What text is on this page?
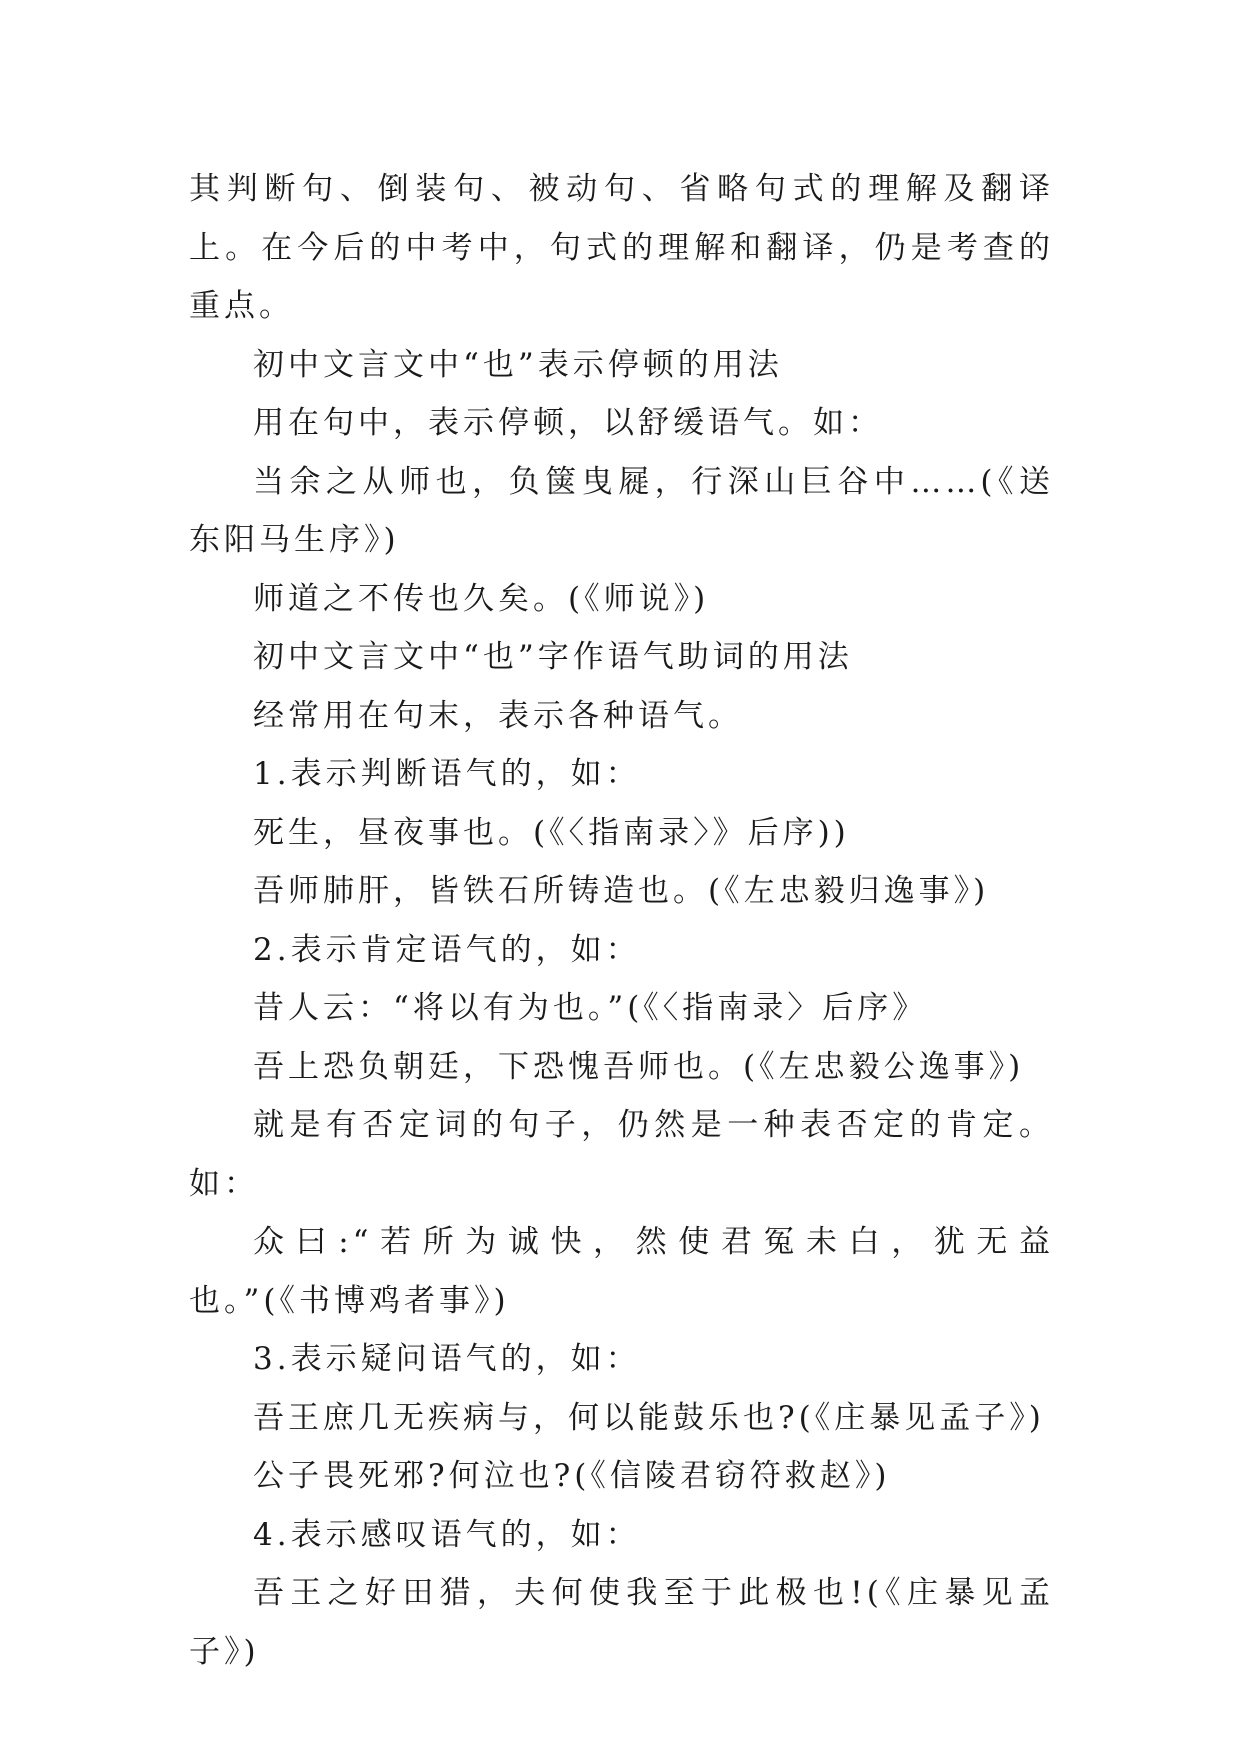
其判断句、倒装句、被动句、省略句式的理解及翻译上。在今后的中考中，句式的理解和翻译，仍是考查的重点。

初中文言文中“也”表示停顿的用法

用在句中，表示停顿，以舒缓语气。如：

当余之从师也，负箧曳屣，行深山巨谷中……(《送东阳马生序》)

师道之不传也久矣。(《师说》)

初中文言文中“也”字作语气助词的用法

经常用在句末，表示各种语气。

1.表示判断语气的，如：

死生，昼夜事也。(《〈指南录〉》后序))

吾师肺肝，皆铁石所铸造也。(《左忠毅归逸事》)

2.表示肯定语气的，如：

昔人云：“将以有为也。”(《〈指南录〉后序》

吾上恐负朝廷，下恐愧吾师也。(《左忠毅公逸事》)

就是有否定词的句子，仍然是一种表否定的肯定。如：

众曰:“若所为诚快，然使君冤未白，犹无益也。”(《书博鸡者事》)

3.表示疑问语气的，如：

吾王庶几无疾病与，何以能鼓乐也?(《庄暴见孟子》)

公子畏死邪?何泣也?(《信陵君窃符救赵》)

4.表示感叹语气的，如：

吾王之好田猎，夫何使我至于此极也!(《庄暴见孟子》)
